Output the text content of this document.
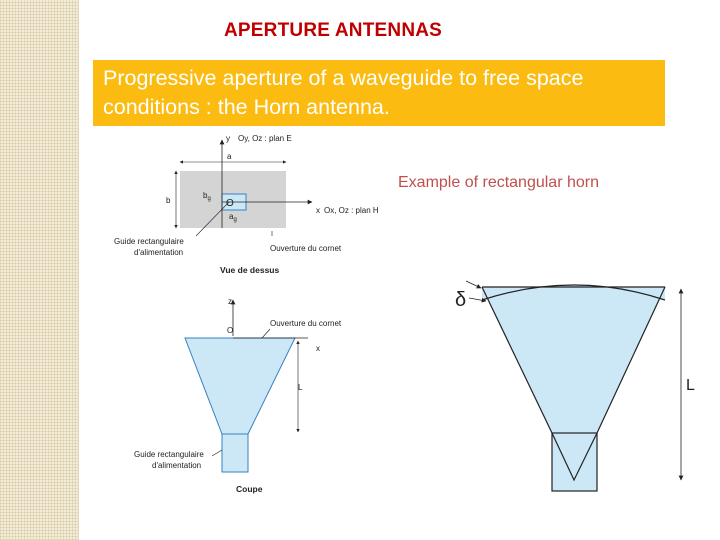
APERTURE ANTENNAS

Progressive aperture of a waveguide to free space conditions : the Horn antenna.

Example of rectangular horn
y Oy, Oz : plan E
a
b
$b_g$
$a_g$
O
x Ox, Oz : plan H
Guide rectangulaire
d'alimentation	Ouverture du cornet
Vue de dessus
z
O
Ouverture du cornet
x
L
Guide rectangulaire
d'alimentation
Coupe
δ
L
